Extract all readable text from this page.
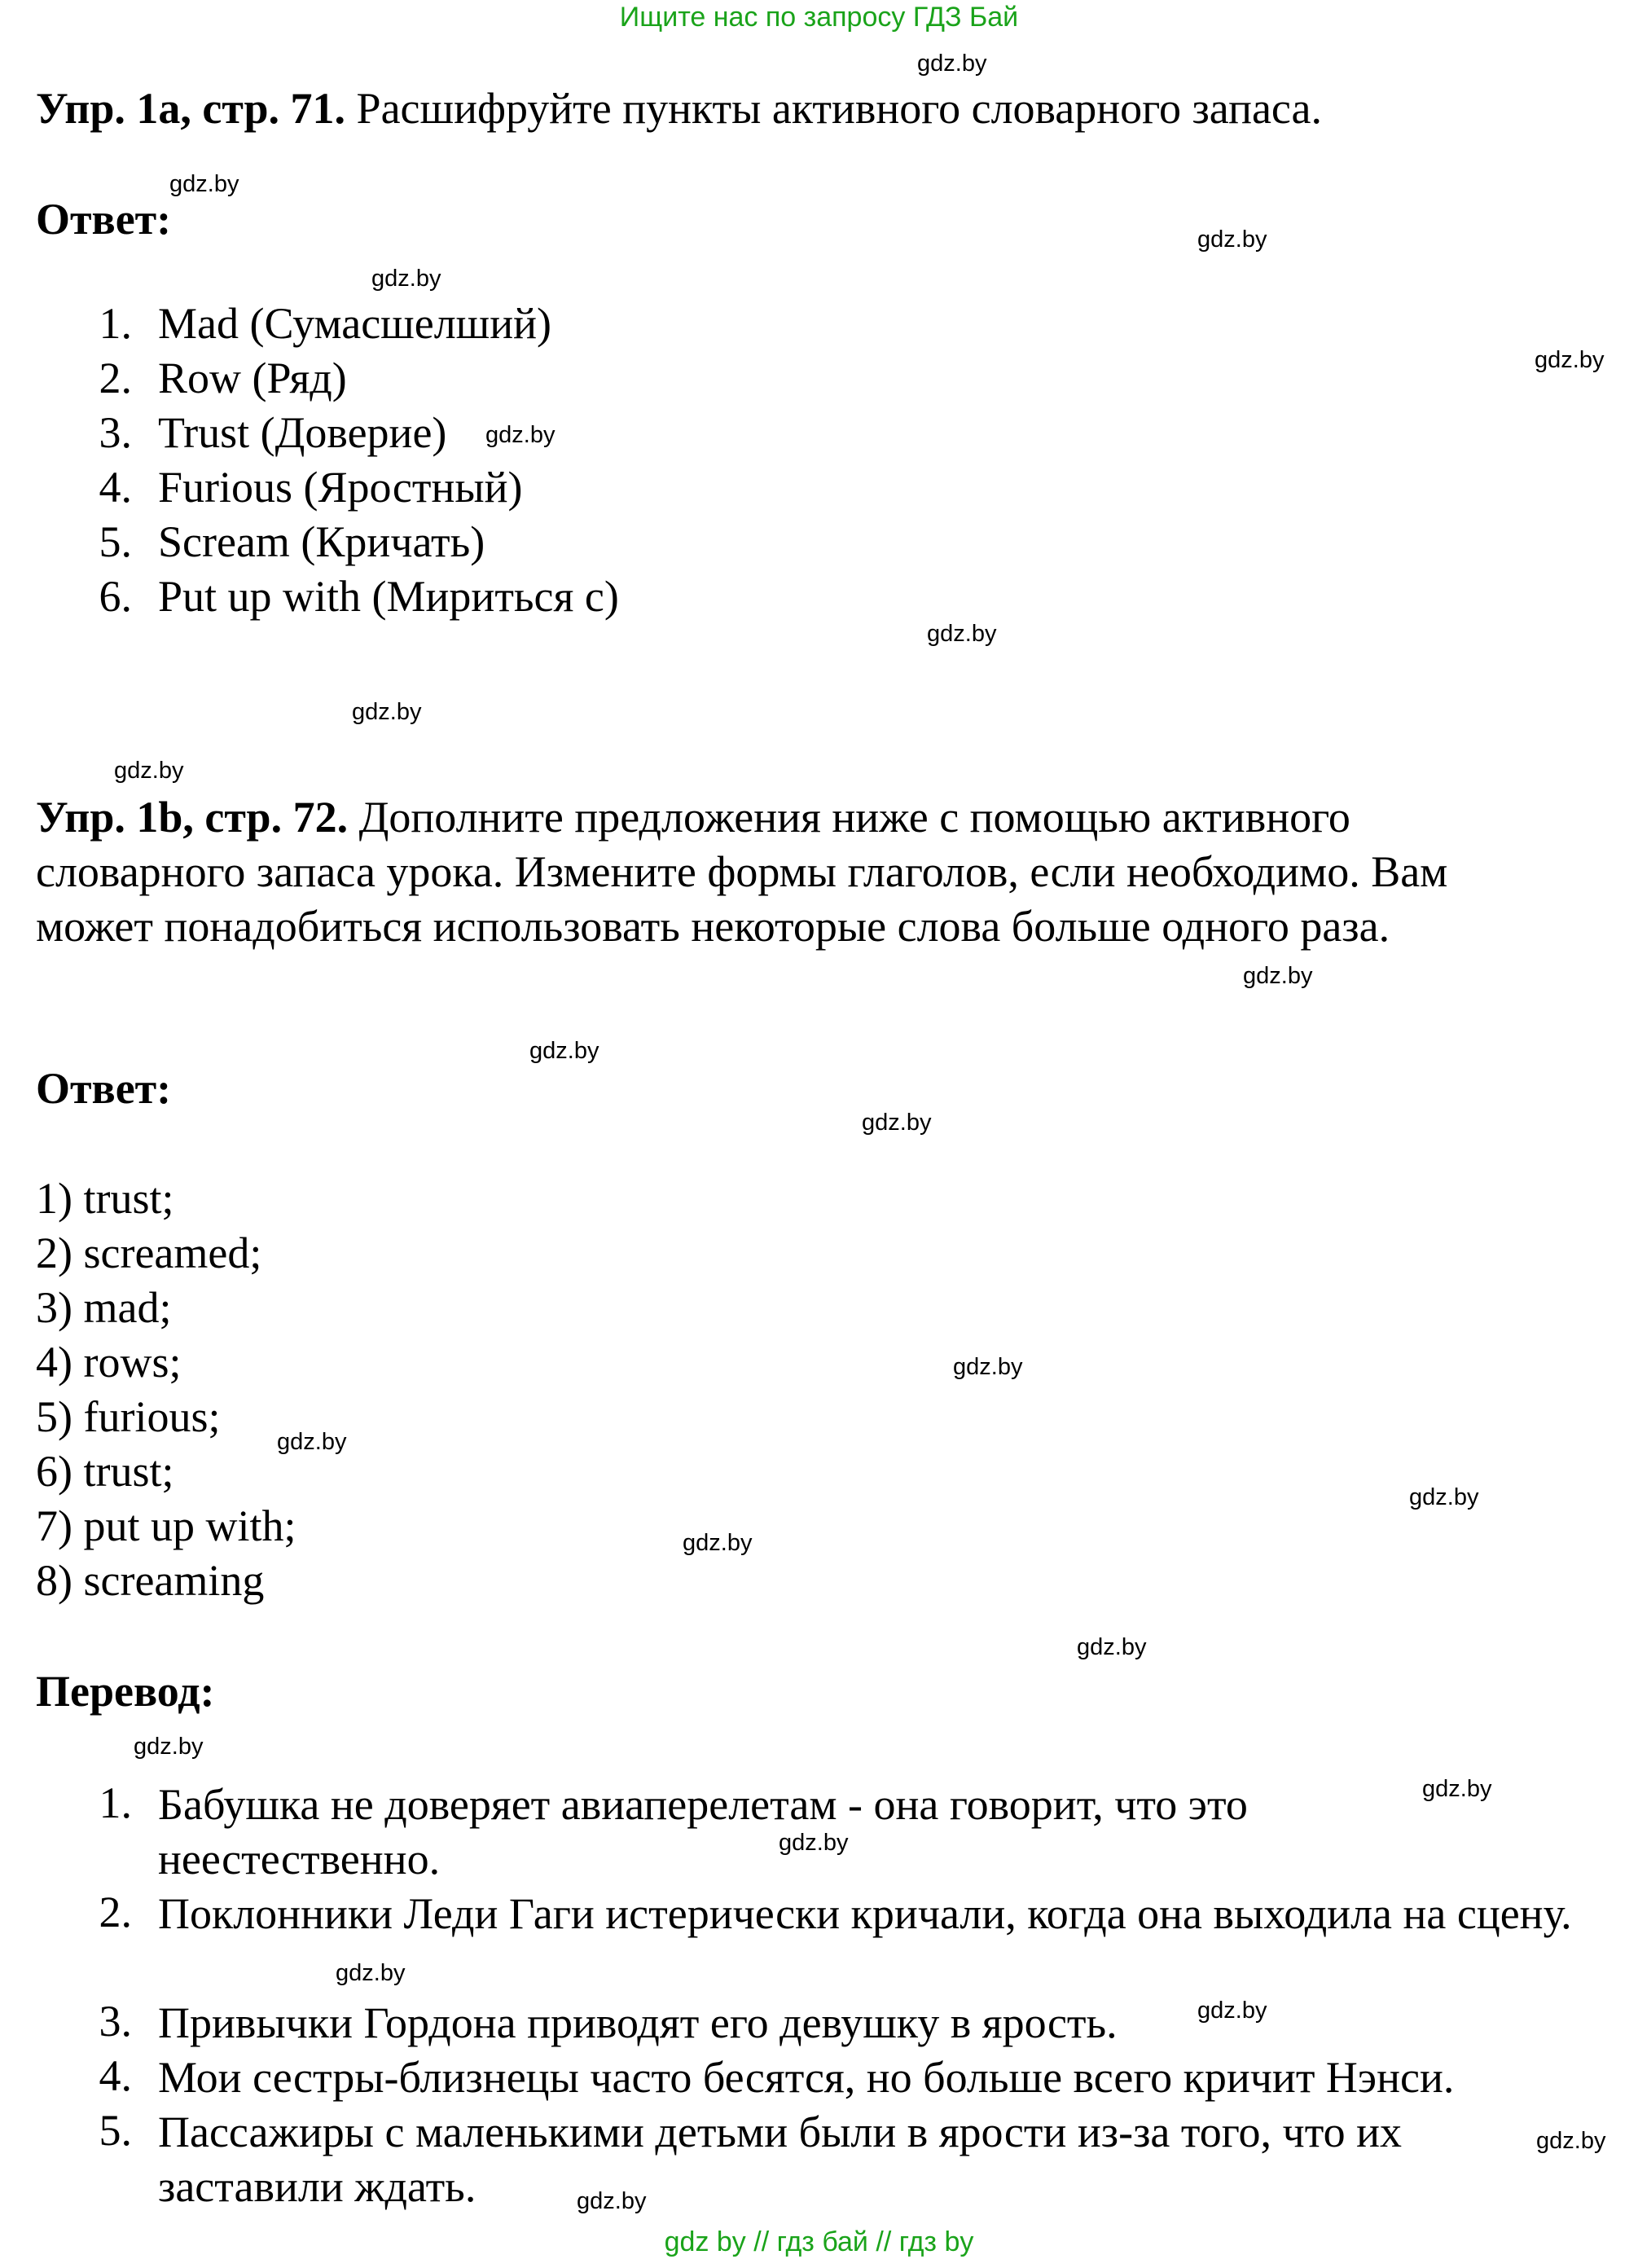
Ищите нас по запросу ГДЗ Бай
Упр. 1a, стр. 71. Расшифруйте пункты активного словарного запаса.
Ответ:
1. Mad (Сумасшелший)
2. Row (Ряд)
3. Trust (Доверие)
4. Furious (Яростный)
5. Scream (Кричать)
6. Put up with (Мириться с)
Упр. 1b, стр. 72. Дополните предложения ниже с помощью активного словарного запаса урока. Измените формы глаголов, если необходимо. Вам может понадобиться использовать некоторые слова больше одного раза.
Ответ:
1) trust;
2) screamed;
3) mad;
4) rows;
5) furious;
6) trust;
7) put up with;
8) screaming
Перевод:
1. Бабушка не доверяет авиаперелетам - она говорит, что это неестественно.
2. Поклонники Леди Гаги истерически кричали, когда она выходила на сцену.
3. Привычки Гордона приводят его девушку в ярость.
4. Мои сестры-близнецы часто бесятся, но больше всего кричит Нэнси.
5. Пассажиры с маленькими детьми были в ярости из-за того, что их заставили ждать.
gdz.by
gdz.by
gdz.by
gdz.by
gdz.by
gdz.by
gdz.by
gdz.by
gdz.by
gdz.by
gdz.by
gdz.by
gdz.by
gdz.by
gdz.by
gdz.by
gdz.by
gdz.by
gdz.by
gdz.by
gdz.by
gdz.by
gdz.by
gdz.by
gdz by // гдз бай // гдз by
